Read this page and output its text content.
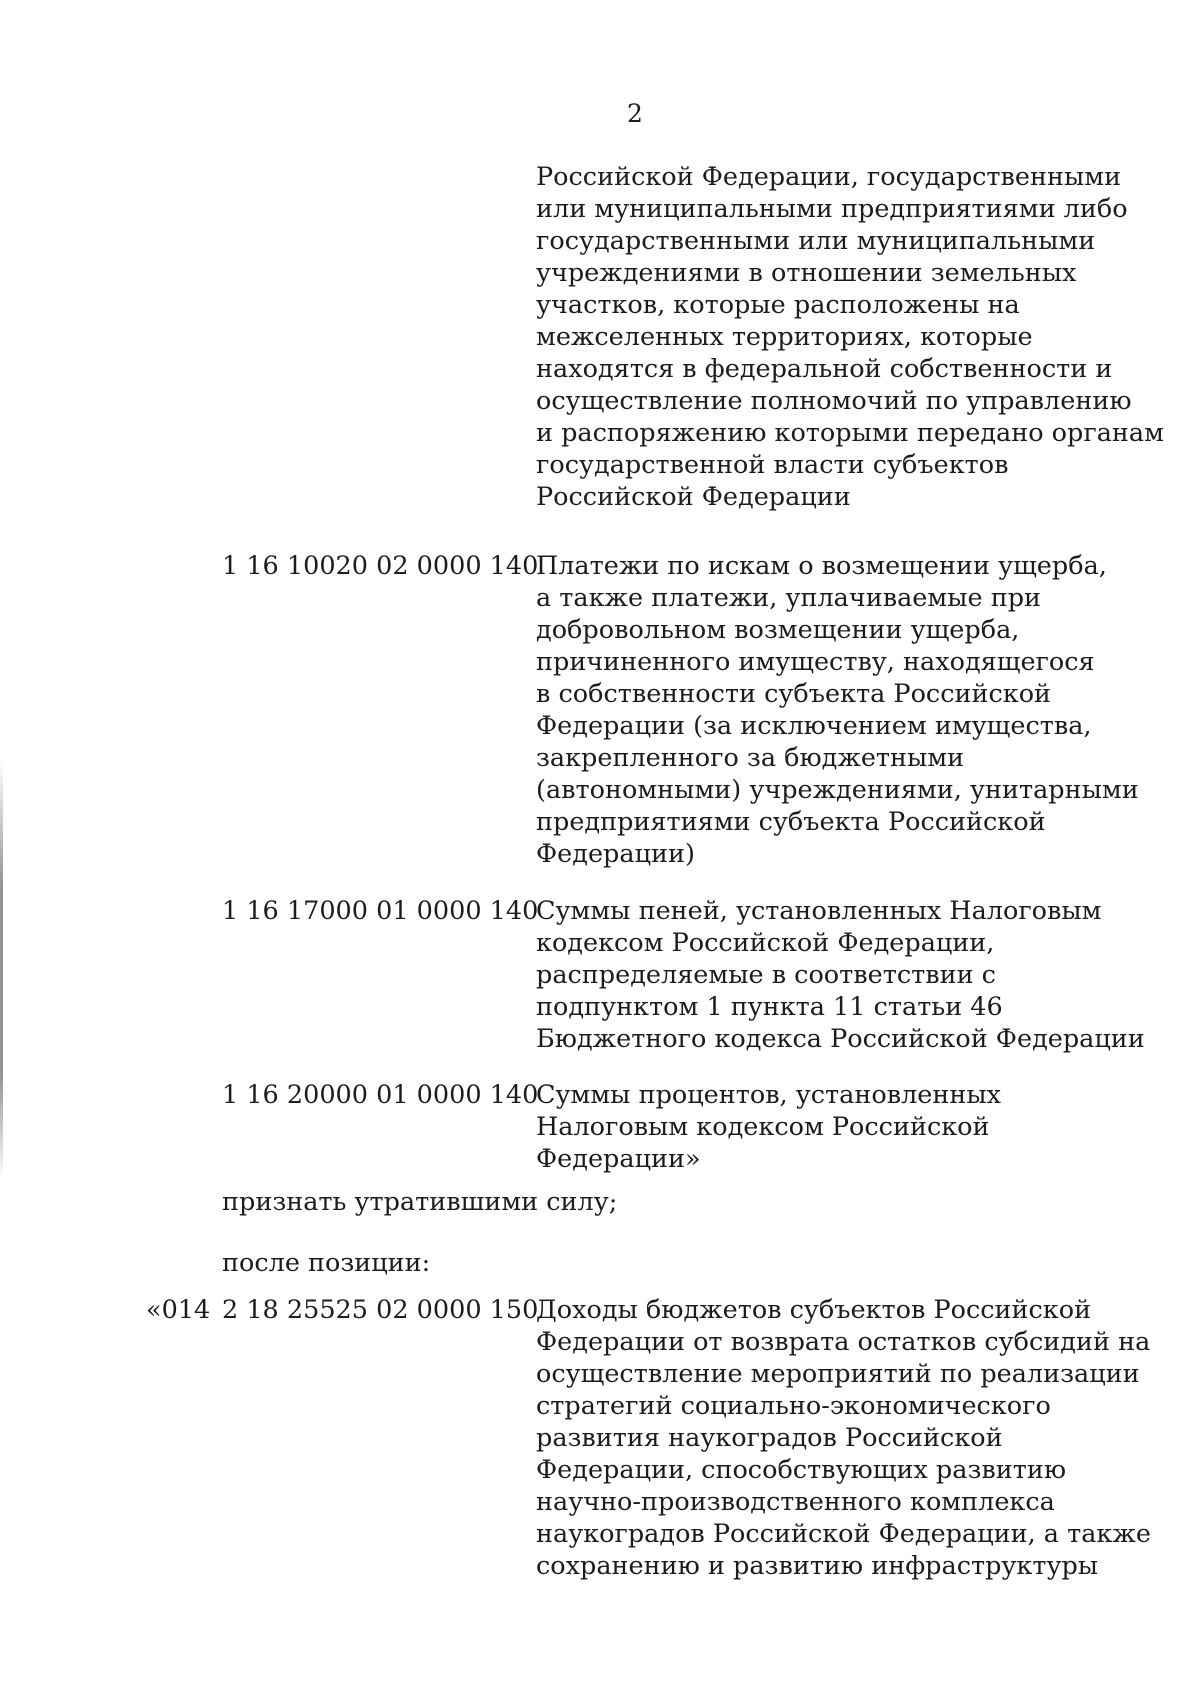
2
Российской Федерации, государственными
или муниципальными предприятиями либо
государственными или муниципальными
учреждениями в отношении земельных
участков, которые расположены на
межселенных территориях, которые
находятся в федеральной собственности и
осуществление полномочий по управлению
и распоряжению которыми передано органам
государственной власти субъектов
Российской Федерации
1 16 10020 02 0000 140
Платежи по искам о возмещении ущерба,
а также платежи, уплачиваемые при
добровольном возмещении ущерба,
причиненного имуществу, находящегося
в собственности субъекта Российской
Федерации (за исключением имущества,
закрепленного за бюджетными
(автономными) учреждениями, унитарными
предприятиями субъекта Российской
Федерации)
1 16 17000 01 0000 140
Суммы пеней, установленных Налоговым
кодексом Российской Федерации,
распределяемые в соответствии с
подпунктом 1 пункта 11 статьи 46
Бюджетного кодекса Российской Федерации
1 16 20000 01 0000 140
Суммы процентов, установленных
Налоговым кодексом Российской
Федерации»
признать утратившими силу;
после позиции:
«014 2 18 25525 02 0000 150
Доходы бюджетов субъектов Российской
Федерации от возврата остатков субсидий на
осуществление мероприятий по реализации
стратегий социально-экономического
развития наукоградов Российской
Федерации, способствующих развитию
научно-производственного комплекса
наукоградов Российской Федерации, а также
сохранению и развитию инфраструктуры
